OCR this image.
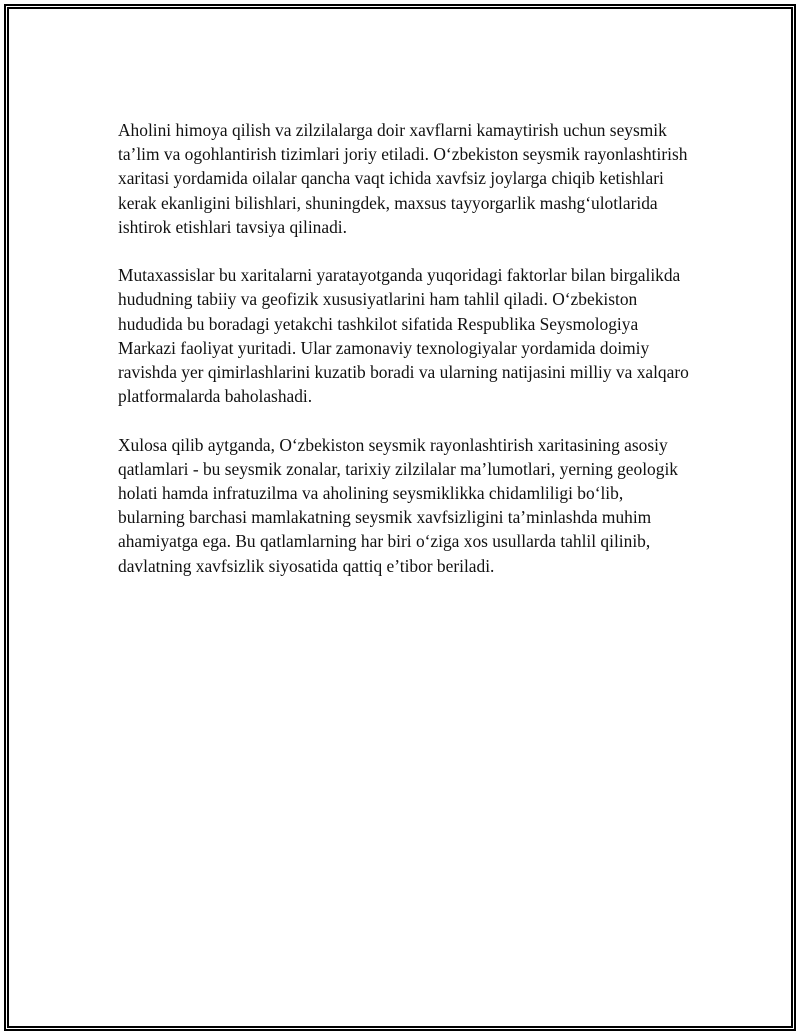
Aholini himoya qilish va zilzilalarga doir xavflarni kamaytirish uchun seysmik ta’lim va ogohlantirish tizimlari joriy etiladi. O‘zbekiston seysmik rayonlashtirish xaritasi yordamida oilalar qancha vaqt ichida xavfsiz joylarga chiqib ketishlari kerak ekanligini bilishlari, shuningdek, maxsus tayyorgarlik mashg‘ulotlarida ishtirok etishlari tavsiya qilinadi.

Mutaxassislar bu xaritalarni yaratayotganda yuqoridagi faktorlar bilan birgalikda hududning tabiiy va geofizik xususiyatlarini ham tahlil qiladi. O‘zbekiston hududida bu boradagi yetakchi tashkilot sifatida Respublika Seysmologiya Markazi faoliyat yuritadi. Ular zamonaviy texnologiyalar yordamida doimiy ravishda yer qimirlashlarini kuzatib boradi va ularning natijasini milliy va xalqaro platformalarda baholashadi.

Xulosa qilib aytganda, O‘zbekiston seysmik rayonlashtirish xaritasining asosiy qatlamlari - bu seysmik zonalar, tarixiy zilzilalar ma’lumotlari, yerning geologik holati hamda infratuzilma va aholining seysmiklikka chidamliligi bo‘lib, bularning barchasi mamlakatning seysmik xavfsizligini ta’minlashda muhim ahamiyatga ega. Bu qatlamlarning har biri o‘ziga xos usullarda tahlil qilinib, davlatning xavfsizlik siyosatida qattiq e’tibor beriladi.
